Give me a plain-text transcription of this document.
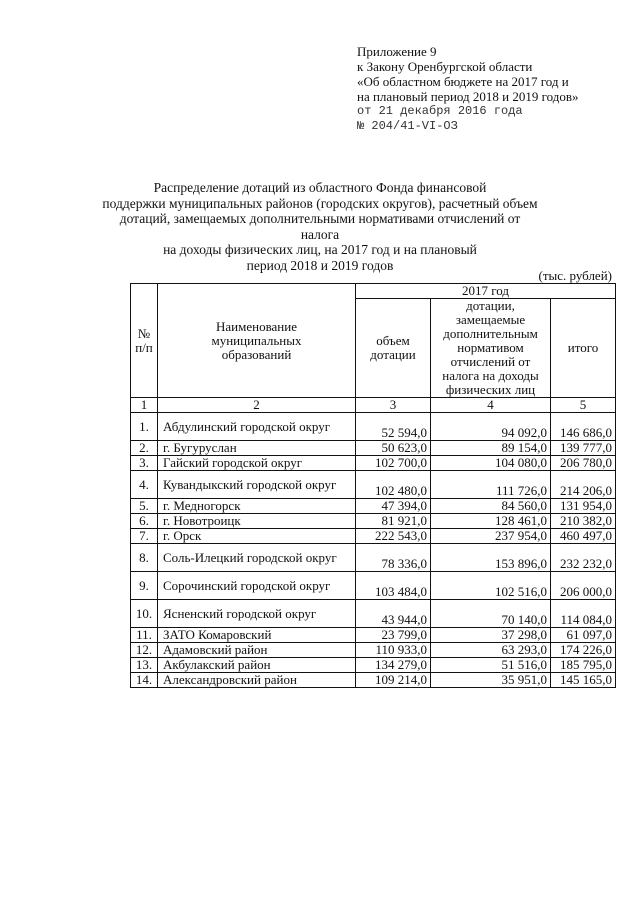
Приложение 9
к Закону Оренбургской области
«Об областном бюджете на 2017 год и
на плановый период 2018 и 2019 годов»
от 21 декабря 2016 года
№ 204/41-VI-ОЗ
Распределение дотаций из областного Фонда финансовой
поддержки муниципальных районов (городских округов), расчетный объем
дотаций, замещаемых дополнительными нормативами отчислений от налога
на доходы физических лиц, на 2017 год и на плановый
период 2018 и 2019 годов
(тыс. рублей)
№
п/п	Наименование муниципальных образований	2017 год		
		объем дотации	дотации, замещаемые дополнительным нормативом отчислений от налога на доходы физических лиц	итого
1	2	3	4	5
1.	Абдулинский городской округ	52 594,0	94 092,0	146 686,0
2.	г. Бугуруслан	50 623,0	89 154,0	139 777,0
3.	Гайский городской округ	102 700,0	104 080,0	206 780,0
4.	Кувандыкский городской округ	102 480,0	111 726,0	214 206,0
5.	г. Медногорск	47 394,0	84 560,0	131 954,0
6.	г. Новотроицк	81 921,0	128 461,0	210 382,0
7.	г. Орск	222 543,0	237 954,0	460 497,0
8.	Соль-Илецкий городской округ	78 336,0	153 896,0	232 232,0
9.	Сорочинский городской округ	103 484,0	102 516,0	206 000,0
10.	Ясненский городской округ	43 944,0	70 140,0	114 084,0
11.	ЗАТО Комаровский	23 799,0	37 298,0	61 097,0
12.	Адамовский район	110 933,0	63 293,0	174 226,0
13.	Акбулакский район	134 279,0	51 516,0	185 795,0
14.	Александровский район	109 214,0	35 951,0	145 165,0
